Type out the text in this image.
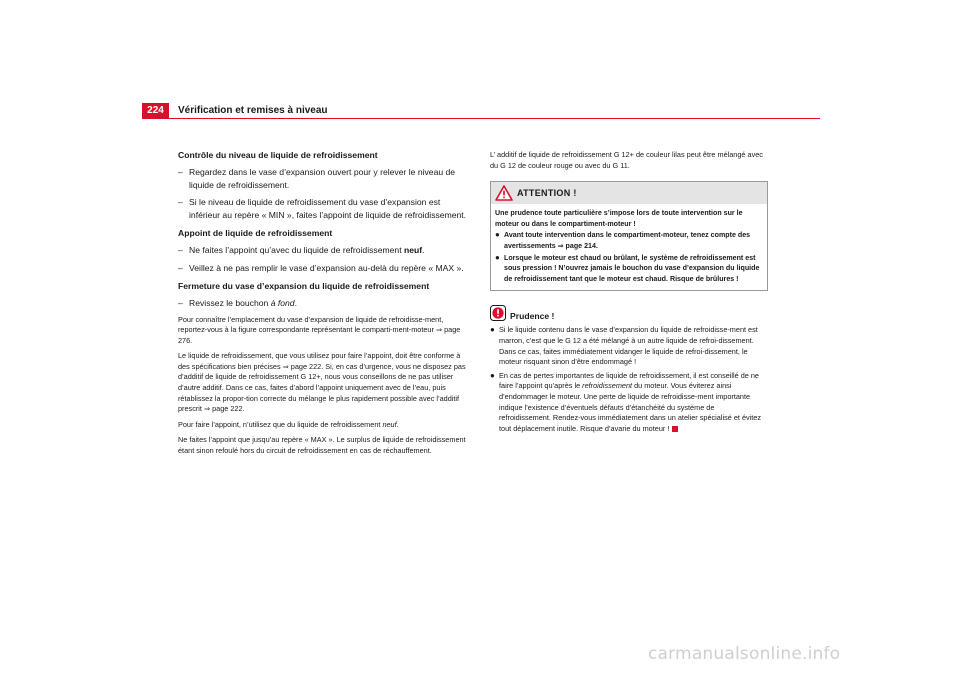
224	Vérification et remises à niveau
Contrôle du niveau de liquide de refroidissement
– Regardez dans le vase d’expansion ouvert pour y relever le niveau de liquide de refroidissement.
– Si le niveau de liquide de refroidissement du vase d’expansion est inférieur au repère « MIN », faites l’appoint de liquide de refroidissement.
Appoint de liquide de refroidissement
– Ne faites l’appoint qu’avec du liquide de refroidissement neuf.
– Veillez à ne pas remplir le vase d’expansion au-delà du repère « MAX ».
Fermeture du vase d’expansion du liquide de refroidissement
– Revissez le bouchon à fond.

Pour connaître l’emplacement du vase d’expansion de liquide de refroidisse-ment, reportez-vous à la figure correspondante représentant le comparti-ment-moteur ⇒ page 276.

Le liquide de refroidissement, que vous utilisez pour faire l’appoint, doit être conforme à des spécifications bien précises ⇒ page 222. Si, en cas d’urgence, vous ne disposez pas d’additif de liquide de refroidissement G 12+, nous vous conseillons de ne pas utiliser d’autre additif. Dans ce cas, faites d’abord l’appoint uniquement avec de l’eau, puis rétablissez la propor-tion correcte du mélange le plus rapidement possible avec l’additif prescrit ⇒ page 222.

Pour faire l’appoint, n’utilisez que du liquide de refroidissement neuf.

Ne faites l’appoint que jusqu’au repère « MAX ». Le surplus de liquide de refroidissement étant sinon refoulé hors du circuit de refroidissement en cas de réchauffement.

L’ additif de liquide de refroidissement G 12+ de couleur lilas peut être mélangé avec du G 12 de couleur rouge ou avec du G 11.

ATTENTION !

Une prudence toute particulière s’impose lors de toute intervention sur le moteur ou dans le compartiment-moteur !

● Avant toute intervention dans le compartiment-moteur, tenez compte des avertissements ⇒ page 214.

● Lorsque le moteur est chaud ou brûlant, le système de refroidissement est sous pression ! N’ouvrez jamais le bouchon du vase d’expansion du liquide de refroidissement tant que le moteur est chaud. Risque de brûlures !

Prudence !

● Si le liquide contenu dans le vase d’expansion du liquide de refroidisse-ment est marron, c’est que le G 12 a été mélangé à un autre liquide de refroi-dissement. Dans ce cas, faites immédiatement vidanger le liquide de refroi-dissement, le moteur risquant sinon d’être endommagé !

● En cas de pertes importantes de liquide de refroidissement, il est conseillé de ne faire l’appoint qu’après le refroidissement du moteur. Vous éviterez ainsi d’endommager le moteur. Une perte de liquide de refroidisse-ment importante indique l’existence d’éventuels défauts d’étanchéité du système de refroidissement. Rendez-vous immédiatement dans un atelier spécialisé et évitez tout déplacement inutile. Risque d’avarie du moteur !

carmanualsonline.info
